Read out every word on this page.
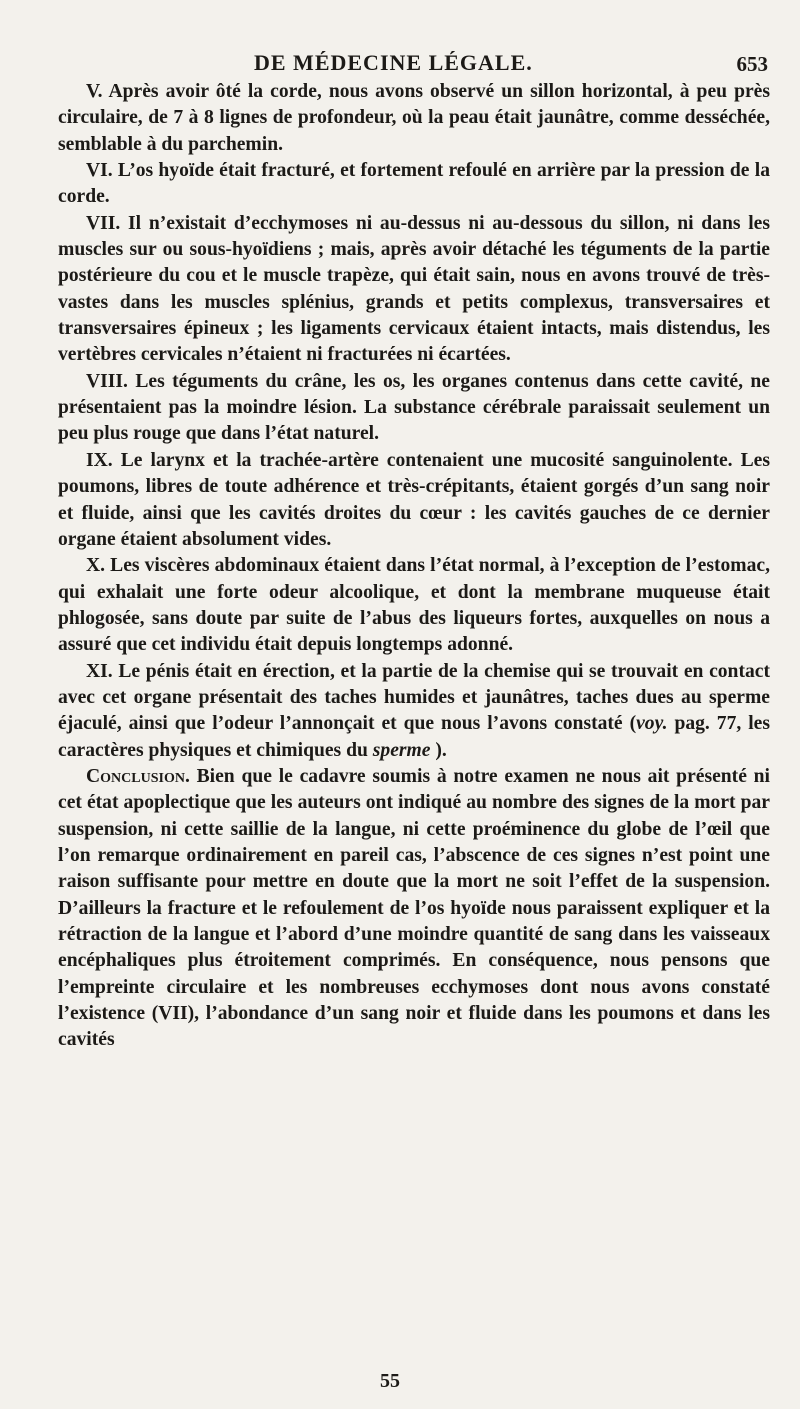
DE MÉDECINE LÉGALE.	653

V. Après avoir ôté la corde, nous avons observé un sillon horizontal, à peu près circulaire, de 7 à 8 lignes de profondeur, où la peau était jaunâtre, comme desséchée, semblable à du parchemin.

VI. L’os hyoïde était fracturé, et fortement refoulé en arrière par la pression de la corde.

VII. Il n’existait d’ecchymoses ni au-dessus ni au-dessous du sillon, ni dans les muscles sur ou sous-hyoïdiens ; mais, après avoir détaché les téguments de la partie postérieure du cou et le muscle trapèze, qui était sain, nous en avons trouvé de très-vastes dans les muscles splénius, grands et petits complexus, transversaires et transversaires épineux ; les ligaments cervicaux étaient intacts, mais distendus, les vertèbres cervicales n’étaient ni fracturées ni écartées.

VIII. Les téguments du crâne, les os, les organes contenus dans cette cavité, ne présentaient pas la moindre lésion. La substance cérébrale paraissait seulement un peu plus rouge que dans l’état naturel.

IX. Le larynx et la trachée-artère contenaient une mucosité sanguinolente. Les poumons, libres de toute adhérence et très-crépitants, étaient gorgés d’un sang noir et fluide, ainsi que les cavités droites du cœur : les cavités gauches de ce dernier organe étaient absolument vides.

X. Les viscères abdominaux étaient dans l’état normal, à l’exception de l’estomac, qui exhalait une forte odeur alcoolique, et dont la membrane muqueuse était phlogosée, sans doute par suite de l’abus des liqueurs fortes, auxquelles on nous a assuré que cet individu était depuis longtemps adonné.

XI. Le pénis était en érection, et la partie de la chemise qui se trouvait en contact avec cet organe présentait des taches humides et jaunâtres, taches dues au sperme éjaculé, ainsi que l’odeur l’annonçait et que nous l’avons constaté (voy. pag. 77, les caractères physiques et chimiques du sperme ).

Conclusion. Bien que le cadavre soumis à notre examen ne nous ait présenté ni cet état apoplectique que les auteurs ont indiqué au nombre des signes de la mort par suspension, ni cette saillie de la langue, ni cette proéminence du globe de l’œil que l’on remarque ordinairement en pareil cas, l’abscence de ces signes n’est point une raison suffisante pour mettre en doute que la mort ne soit l’effet de la suspension. D’ailleurs la fracture et le refoulement de l’os hyoïde nous paraissent expliquer et la rétraction de la langue et l’abord d’une moindre quantité de sang dans les vaisseaux encéphaliques plus étroitement comprimés. En conséquence, nous pensons que l’empreinte circulaire et les nombreuses ecchymoses dont nous avons constaté l’existence (VII), l’abondance d’un sang noir et fluide dans les poumons et dans les cavités

55
